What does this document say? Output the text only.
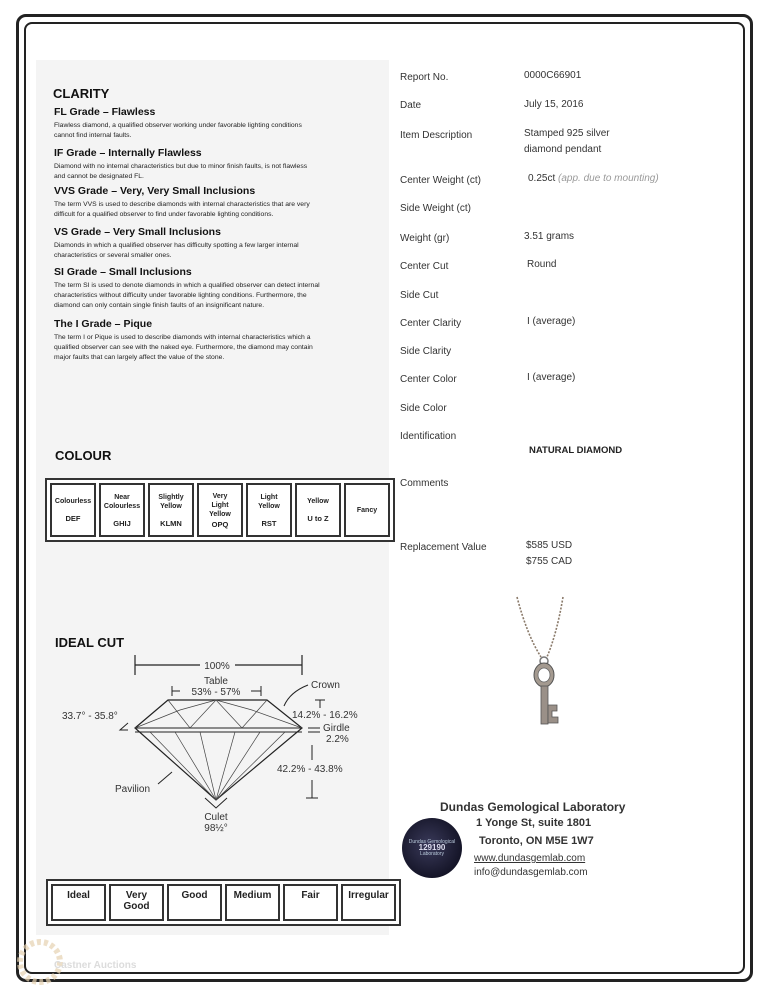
CLARITY
FL Grade – Flawless

Flawless diamond, a qualified observer working under favorable lighting conditions
cannot find internal faults.

IF Grade – Internally Flawless

Diamond with no internal characteristics but due to minor finish faults, is not flawless
and cannot be designated FL.

VVS Grade – Very, Very Small Inclusions

The term VVS is used to describe diamonds with internal characteristics that are very
difficult for a qualified observer to find under favorable lighting conditions.

VS Grade – Very Small Inclusions

Diamonds in which a qualified observer has difficulty spotting a few larger internal
characteristics or several smaller ones.

SI Grade – Small Inclusions

The term SI is used to denote diamonds in which a qualified observer can detect internal
characteristics without difficulty under favorable lighting conditions. Furthermore, the
diamond can only contain single finish faults of an insignificant nature.

The I Grade – Pique

The term I or Pique is used to describe diamonds with internal characteristics which a
qualified observer can see with the naked eye. Furthermore, the diamond may contain
major faults that can largely affect the value of the stone.

COLOUR
Colourless
DEF

Near
Colourless
GHIJ

Slightly
Yellow
KLMN

Very
Light
Yellow
OPQ

Light
Yellow
RST

Yellow
U to Z

Fancy
IDEAL CUT
100%
Table
53% - 57%
Crown
33.7° - 35.8°	14.2% - 16.2%
Girdle
2.2%
42.2% - 43.8%
Pavilion
Culet
98½°
Ideal	Very Good	Good	Medium	Fair	Irregular
Report No.	0000C66901
Date	July 15, 2016
Item Description	Stamped 925 silver
diamond pendant
Center Weight (ct)	0.25ct (app. due to mounting)
Side Weight (ct)
Weight (gr)	3.51 grams
Center Cut	Round
Side Cut
Center Clarity	I (average)
Side Clarity
Center Color	I (average)
Side Color
Identification
NATURAL DIAMOND
Comments
Replacement Value	$585 USD
$755 CAD
Dundas Gemological
129190
Laboratory
Dundas Gemological Laboratory
1 Yonge St, suite 1801
Toronto, ON M5E 1W7
www.dundasgemlab.com
info@dundasgemlab.com
Castner Auctions
